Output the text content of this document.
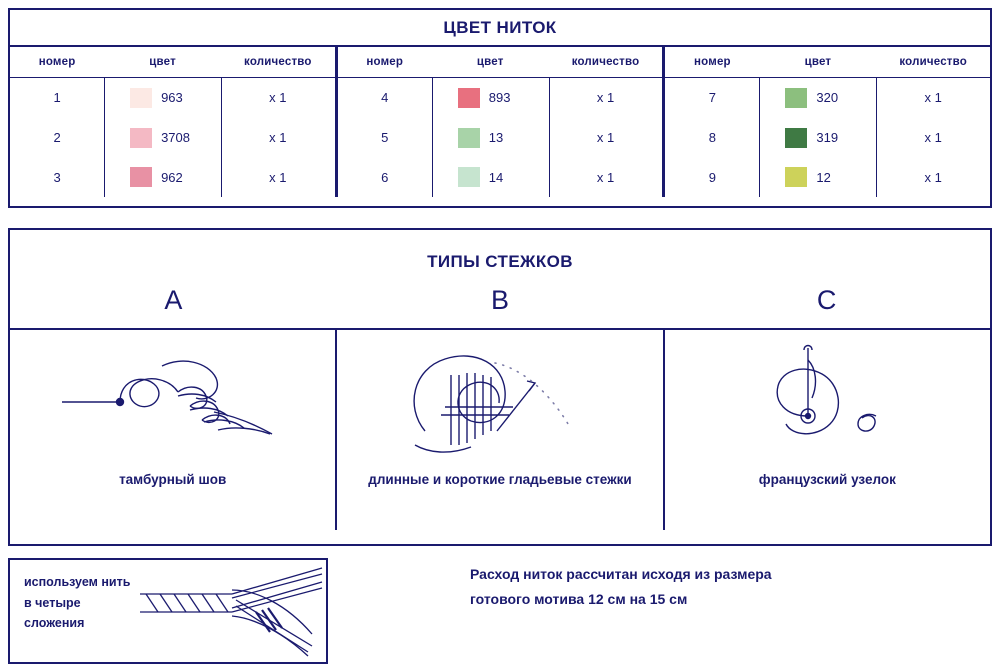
ЦВЕТ НИТОК
номер	цвет	количество
1	963	x 1
2	3708	x 1
3	962	x 1
номер	цвет	количество
4	893	x 1
5	13	x 1
6	14	x 1
номер	цвет	количество
7	320	x 1
8	319	x 1
9	12	x 1
ТИПЫ СТЕЖКОВ
A	B	C
тамбурный шов	длинные и короткие гладьевые стежки	французский узелок
используем нить
в четыре
сложения
Расход ниток рассчитан исходя из размера
готового мотива 12 см на 15 см
